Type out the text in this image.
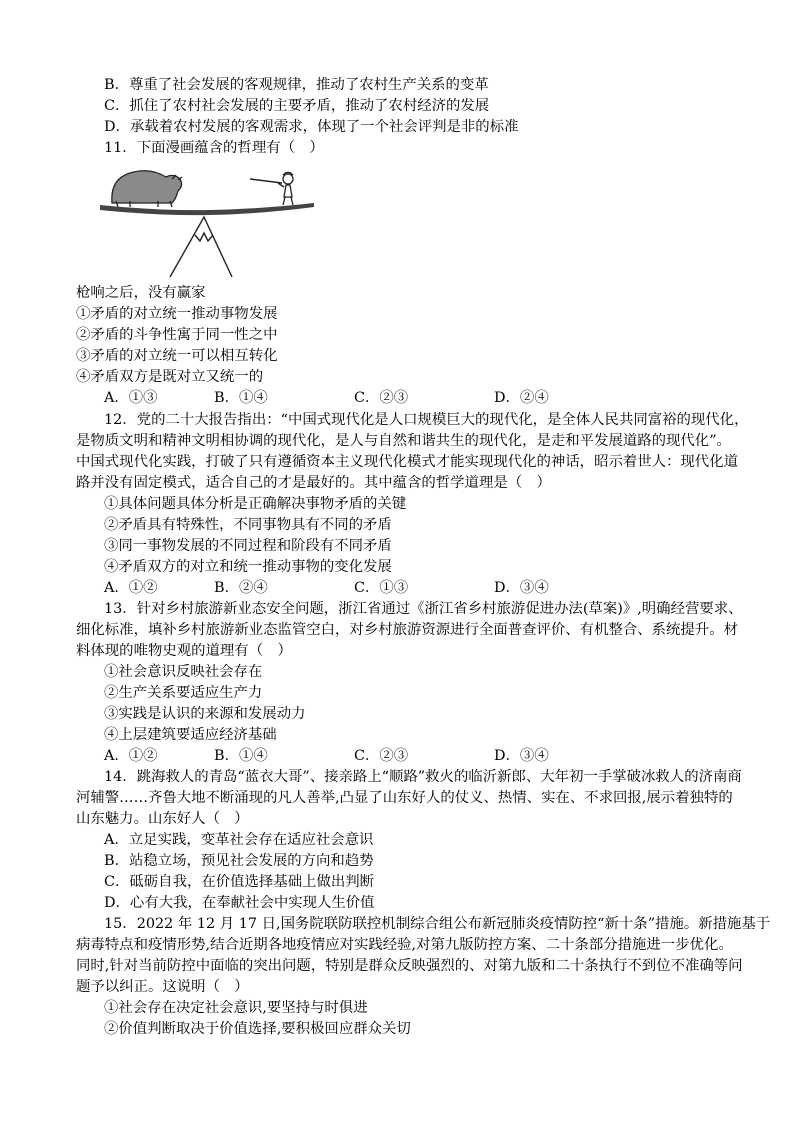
B．尊重了社会发展的客观规律，推动了农村生产关系的变革
C．抓住了农村社会发展的主要矛盾，推动了农村经济的发展
D．承载着农村发展的客观需求，体现了一个社会评判是非的标准
11．下面漫画蕴含的哲理有（　）
枪响之后，没有赢家
①矛盾的对立统一推动事物发展
②矛盾的斗争性寓于同一性之中
③矛盾的对立统一可以相互转化
④矛盾双方是既对立又统一的
A．①③	B．①④	C．②③	D．②④
12．党的二十大报告指出：“中国式现代化是人口规模巨大的现代化，是全体人民共同富裕的现代化，
是物质文明和精神文明相协调的现代化，是人与自然和谐共生的现代化，是走和平发展道路的现代化”。
中国式现代化实践，打破了只有遵循资本主义现代化模式才能实现现代化的神话，昭示着世人：现代化道
路并没有固定模式，适合自己的才是最好的。其中蕴含的哲学道理是（　）
①具体问题具体分析是正确解决事物矛盾的关键
②矛盾具有特殊性，不同事物具有不同的矛盾
③同一事物发展的不同过程和阶段有不同矛盾
④矛盾双方的对立和统一推动事物的变化发展
A．①②	B．②④	C．①③	D．③④
13．针对乡村旅游新业态安全问题，浙江省通过《浙江省乡村旅游促进办法(草案)》,明确经营要求、
细化标准，填补乡村旅游新业态监管空白，对乡村旅游资源进行全面普查评价、有机整合、系统提升。材
料体现的唯物史观的道理有（　）
①社会意识反映社会存在
②生产关系要适应生产力
③实践是认识的来源和发展动力
④上层建筑要适应经济基础
A．①②	B．①④	C．②③	D．③④
14．跳海救人的青岛“蓝衣大哥”、接亲路上“顺路”救火的临沂新郎、大年初一手掌破冰救人的济南商
河辅警……齐鲁大地不断涌现的凡人善举,凸显了山东好人的仗义、热情、实在、不求回报,展示着独特的
山东魅力。山东好人（　）
A．立足实践，变革社会存在适应社会意识
B．站稳立场，预见社会发展的方向和趋势
C．砥砺自我，在价值选择基础上做出判断
D．心有大我，在奉献社会中实现人生价值
15．2022 年 12 月 17 日,国务院联防联控机制综合组公布新冠肺炎疫情防控“新十条”措施。新措施基于
病毒特点和疫情形势,结合近期各地疫情应对实践经验,对第九版防控方案、二十条部分措施进一步优化。
同时,针对当前防控中面临的突出问题，特别是群众反映强烈的、对第九版和二十条执行不到位不准确等问
题予以纠正。这说明（　）
①社会存在决定社会意识,要坚持与时俱进
②价值判断取决于价值选择,要积极回应群众关切
